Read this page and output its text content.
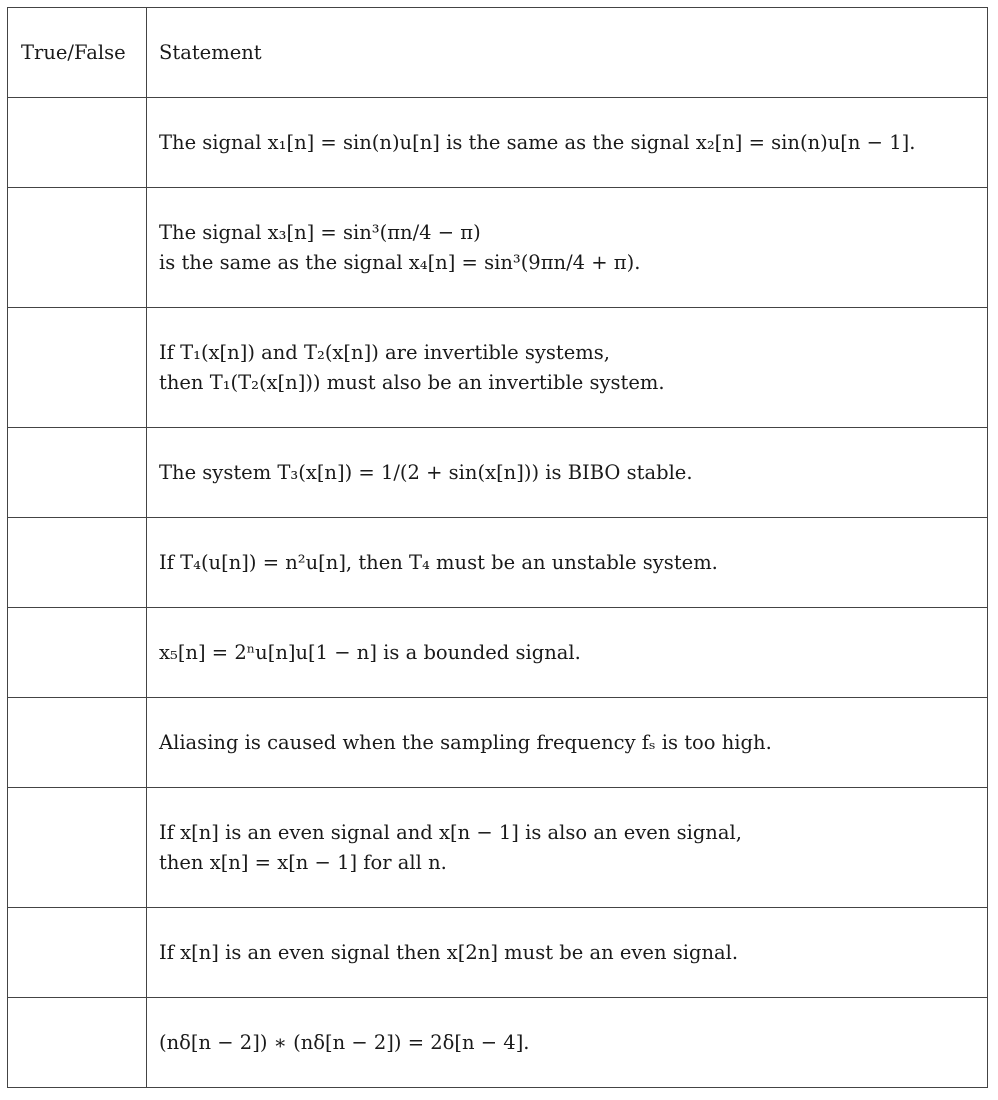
True/False	Statement

	The signal x₁[n] = sin(n)u[n] is the same as the signal x₂[n] = sin(n)u[n − 1].

	The signal x₃[n] = sin³(πn/4 − π)
is the same as the signal x₄[n] = sin³(9πn/4 + π).

	If T₁(x[n]) and T₂(x[n]) are invertible systems,
then T₁(T₂(x[n])) must also be an invertible system.

	The system T₃(x[n]) = 1/(2 + sin(x[n])) is BIBO stable.

	If T₄(u[n]) = n²u[n], then T₄ must be an unstable system.

	x₅[n] = 2ⁿu[n]u[1 − n] is a bounded signal.

	Aliasing is caused when the sampling frequency fₛ is too high.

	If x[n] is an even signal and x[n − 1] is also an even signal,
then x[n] = x[n − 1] for all n.

	If x[n] is an even signal then x[2n] must be an even signal.

	(nδ[n − 2]) ∗ (nδ[n − 2]) = 2δ[n − 4].
